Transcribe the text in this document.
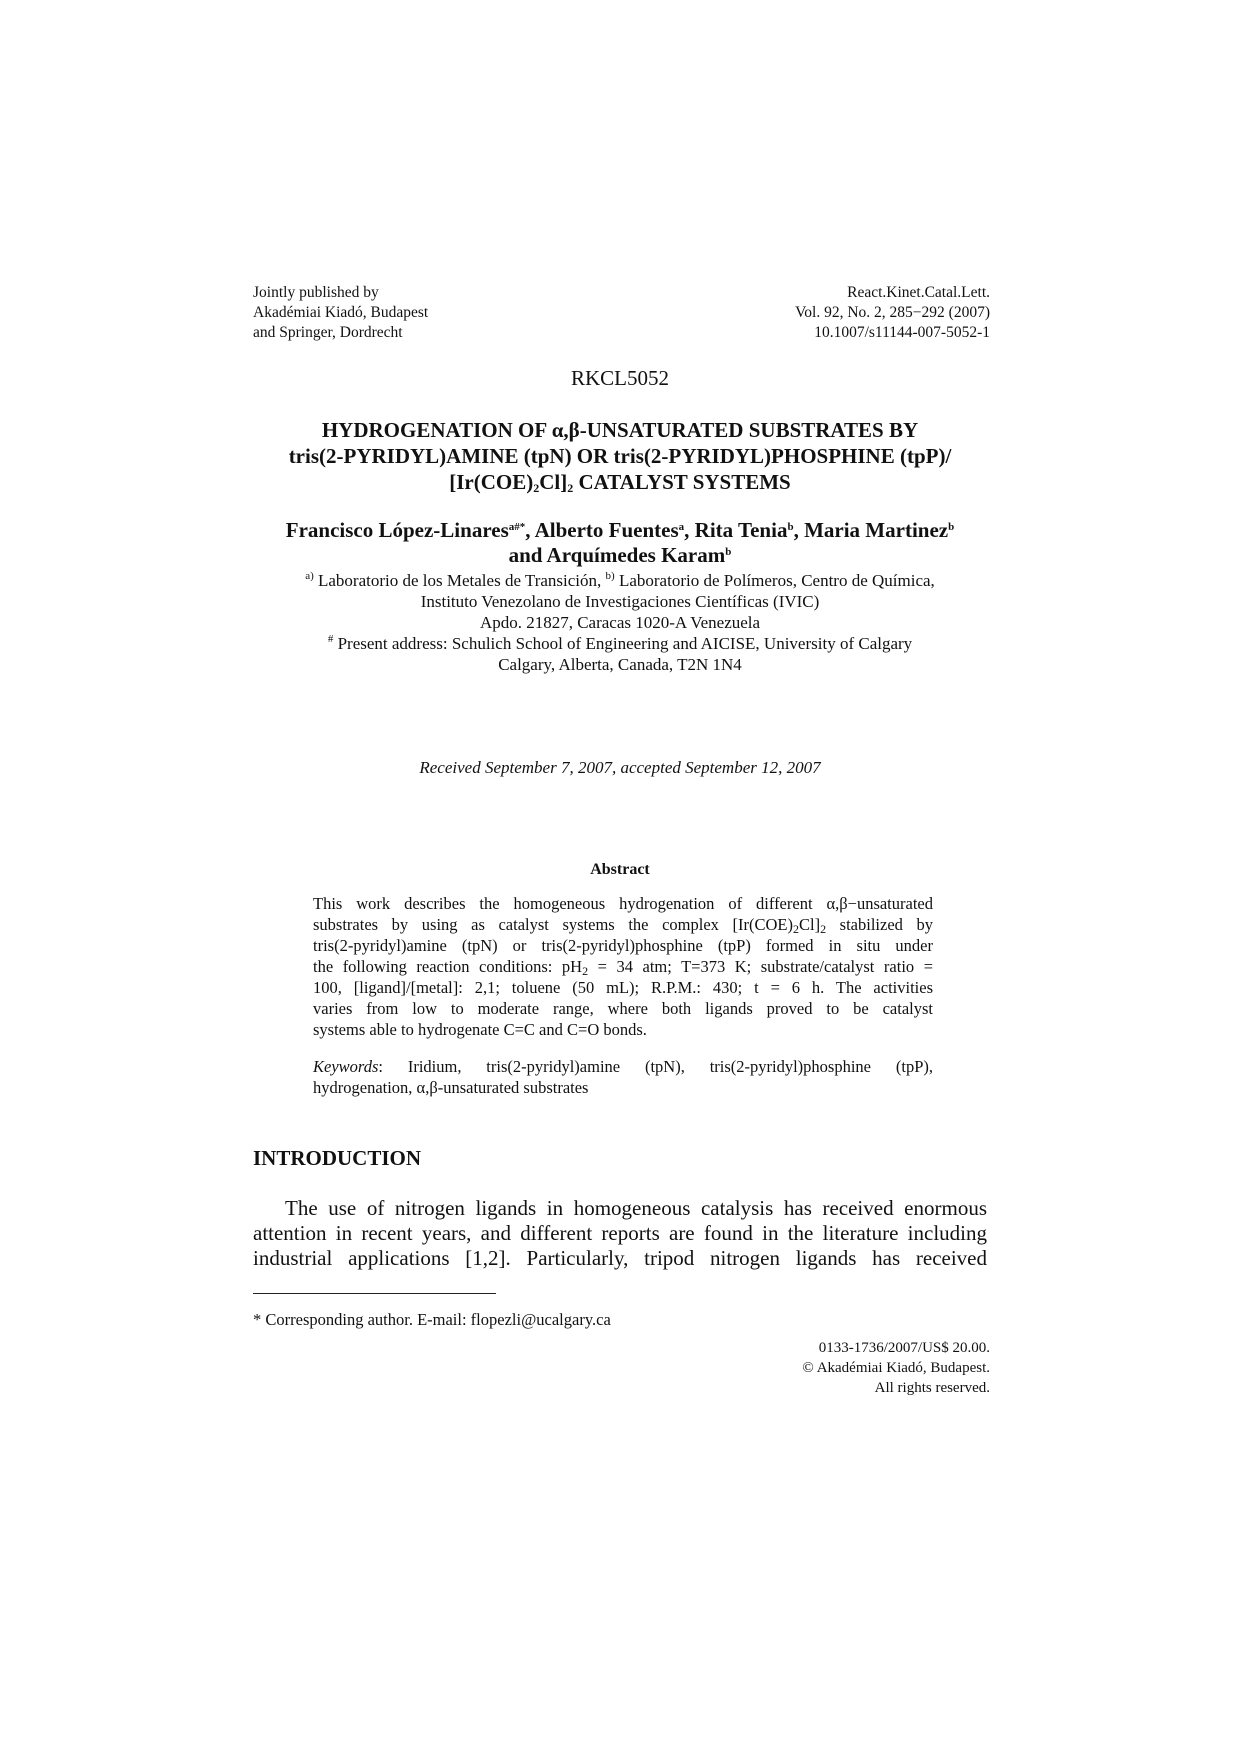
Jointly published by
Akadémiai Kiadó, Budapest
and Springer, Dordrecht
React.Kinet.Catal.Lett.
Vol. 92, No. 2, 285−292 (2007)
10.1007/s11144-007-5052-1
RKCL5052
HYDROGENATION OF α,β-UNSATURATED SUBSTRATES BY
tris(2-PYRIDYL)AMINE (tpN) OR tris(2-PYRIDYL)PHOSPHINE (tpP)/
$[Ir(COE)_2Cl]_2$ CATALYST SYSTEMS
Francisco López-Linares$^{a\#*}$, Alberto Fuentes$^a$, Rita Tenia$^b$, Maria Martinez$^b$
and Arquímedes Karam$^b$
$^{a)}$ Laboratorio de los Metales de Transición, $^{b)}$ Laboratorio de Polímeros, Centro de Química,
Instituto Venezolano de Investigaciones Científicas (IVIC)
Apdo. 21827, Caracas 1020-A Venezuela
# Present address: Schulich School of Engineering and AICISE, University of Calgary
Calgary, Alberta, Canada, T2N 1N4
Received September 7, 2007, accepted September 12, 2007
Abstract
This work describes the homogeneous hydrogenation of different α,β−unsaturated
substrates by using as catalyst systems the complex $[Ir(COE)_2Cl]_2$ stabilized by
tris(2-pyridyl)amine (tpN) or tris(2-pyridyl)phosphine (tpP) formed in situ under
the following reaction conditions: $pH_2 = 34$ atm; T=373 K; substrate/catalyst ratio =
100, [ligand]/[metal]: 2,1; toluene (50 mL); R.P.M.: 430; t = 6 h. The activities
varies from low to moderate range, where both ligands proved to be catalyst
systems able to hydrogenate C=C and C=O bonds.
Keywords: Iridium, tris(2-pyridyl)amine (tpN), tris(2-pyridyl)phosphine (tpP),
hydrogenation, α,β-unsaturated substrates
INTRODUCTION
The use of nitrogen ligands in homogeneous catalysis has received enormous
attention in recent years, and different reports are found in the literature including
industrial applications [1,2]. Particularly, tripod nitrogen ligands has received
* Corresponding author. E-mail: flopezli@ucalgary.ca
0133-1736/2007/US$ 20.00.
© Akadémiai Kiadó, Budapest.
All rights reserved.
